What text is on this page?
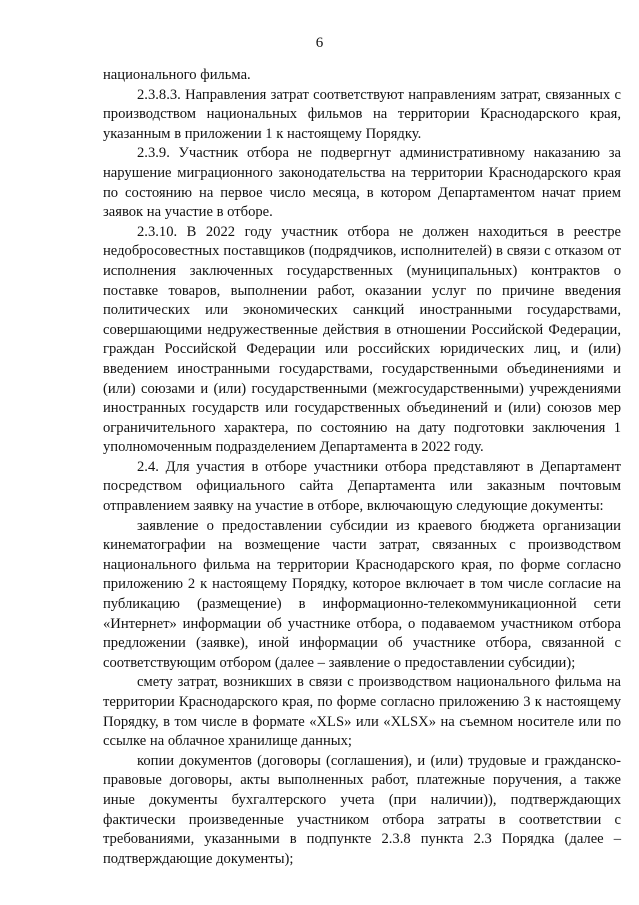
6

национального фильма.

2.3.8.3. Направления затрат соответствуют направлениям затрат, связанных с производством национальных фильмов на территории Краснодарского края, указанным в приложении 1 к настоящему Порядку.

2.3.9. Участник отбора не подвергнут административному наказанию за нарушение миграционного законодательства на территории Краснодарского края по состоянию на первое число месяца, в котором Департаментом начат прием заявок на участие в отборе.

2.3.10. В 2022 году участник отбора не должен находиться в реестре недобросовестных поставщиков (подрядчиков, исполнителей) в связи с отказом от исполнения заключенных государственных (муниципальных) контрактов о поставке товаров, выполнении работ, оказании услуг по причине введения политических или экономических санкций иностранными государствами, совершающими недружественные действия в отношении Российской Федерации, граждан Российской Федерации или российских юридических лиц, и (или) введением иностранными государствами, государственными объединениями и (или) союзами и (или) государственными (межгосударственными) учреждениями иностранных государств или государственных объединений и (или) союзов мер ограничительного характера, по состоянию на дату подготовки заключения 1 уполномоченным подразделением Департамента в 2022 году.

2.4. Для участия в отборе участники отбора представляют в Департамент посредством официального сайта Департамента или заказным почтовым отправлением заявку на участие в отборе, включающую следующие документы:

заявление о предоставлении субсидии из краевого бюджета организации кинематографии на возмещение части затрат, связанных с производством национального фильма на территории Краснодарского края, по форме согласно приложению 2 к настоящему Порядку, которое включает в том числе согласие на публикацию (размещение) в информационно-телекоммуникационной сети «Интернет» информации об участнике отбора, о подаваемом участником отбора предложении (заявке), иной информации об участнике отбора, связанной с соответствующим отбором (далее – заявление о предоставлении субсидии);

смету затрат, возникших в связи с производством национального фильма на территории Краснодарского края, по форме согласно приложению 3 к настоящему Порядку, в том числе в формате «XLS» или «XLSX» на съемном носителе или по ссылке на облачное хранилище данных;

копии документов (договоры (соглашения), и (или) трудовые и гражданско-правовые договоры, акты выполненных работ, платежные поручения, а также иные документы бухгалтерского учета (при наличии)), подтверждающих фактически произведенные участником отбора затраты в соответствии с требованиями, указанными в подпункте 2.3.8 пункта 2.3 Порядка (далее – подтверждающие документы);
